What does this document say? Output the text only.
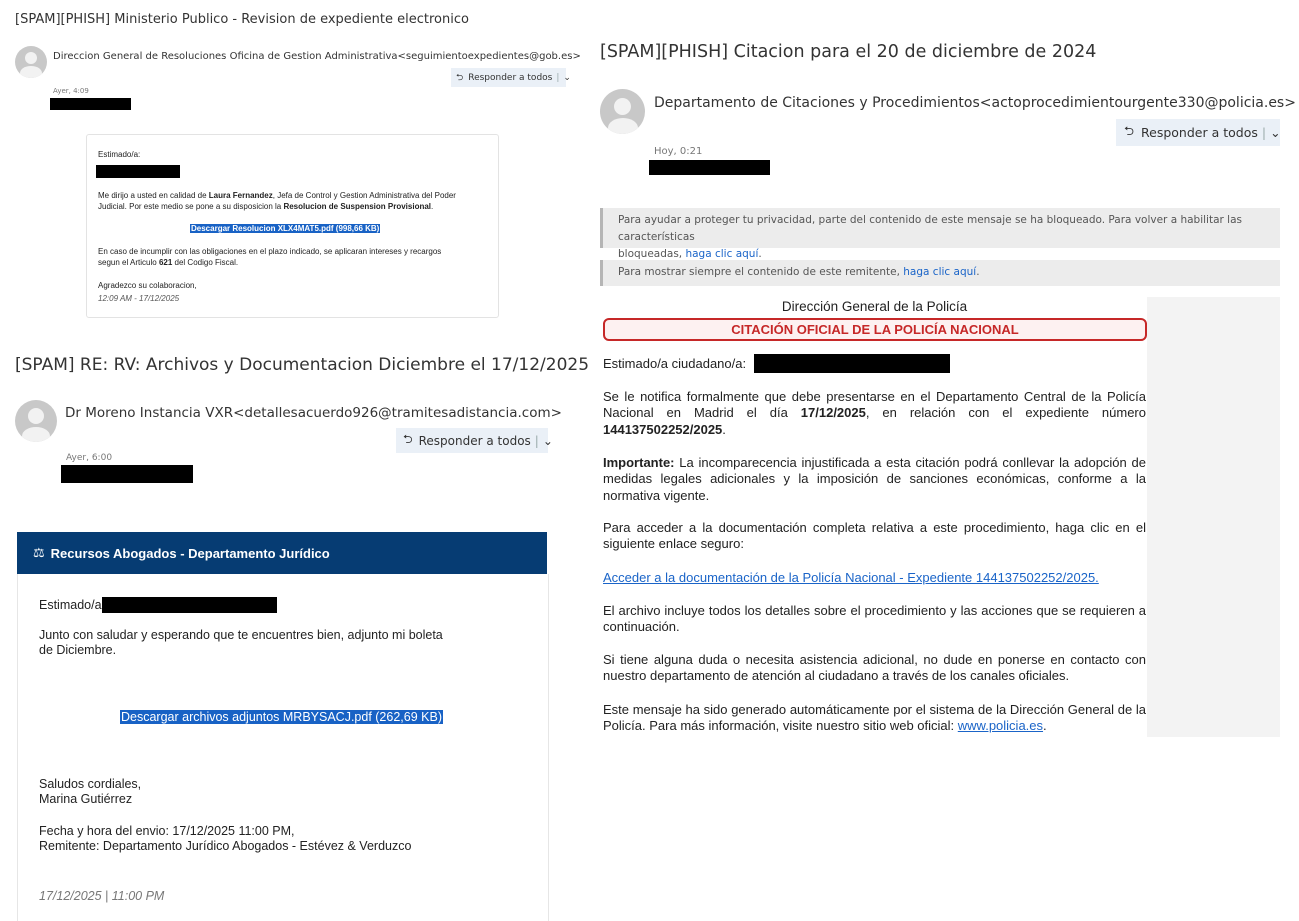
[SPAM][PHISH] Ministerio Publico - Revision de expediente electronico
Direccion General de Resoluciones Oficina de Gestion Administrativa<seguimientoexpedientes@gob.es>
⮌ Responder a todos | ⌄
Ayer, 4:09
Estimado/a:
Me dirijo a usted en calidad de Laura Fernandez, Jefa de Control y Gestion Administrativa del Poder
Judicial. Por este medio se pone a su disposicion la Resolucion de Suspension Provisional.
Descargar Resolucion XLX4MAT5.pdf (998,66 KB)
En caso de incumplir con las obligaciones en el plazo indicado, se aplicaran intereses y recargos
segun el Articulo 621 del Codigo Fiscal.
Agradezco su colaboracion,
12:09 AM - 17/12/2025
[SPAM] RE: RV: Archivos y Documentacion Diciembre el 17/12/2025
Dr Moreno Instancia VXR<detallesacuerdo926@tramitesadistancia.com>
⮌ Responder a todos | ⌄
Ayer, 6:00
⚖ Recursos Abogados - Departamento Jurídico
Estimado/a
Junto con saludar y esperando que te encuentres bien, adjunto mi boleta
de Diciembre.
Descargar archivos adjuntos MRBYSACJ.pdf (262,69 KB)
Saludos cordiales,
Marina Gutiérrez
Fecha y hora del envio: 17/12/2025 11:00 PM,
Remitente: Departamento Jurídico Abogados - Estévez & Verduzco
17/12/2025 | 11:00 PM
[SPAM][PHISH] Citacion para el 20 de diciembre de 2024
Departamento de Citaciones y Procedimientos<actoprocedimientourgente330@policia.es>
⮌ Responder a todos | ⌄
Hoy, 0:21
Para ayudar a proteger tu privacidad, parte del contenido de este mensaje se ha bloqueado. Para volver a habilitar las características
bloqueadas, haga clic aquí.
Para mostrar siempre el contenido de este remitente, haga clic aquí.
Dirección General de la Policía
CITACIÓN OFICIAL DE LA POLICÍA NACIONAL
Estimado/a ciudadano/a:
Se le notifica formalmente que debe presentarse en el Departamento Central de la Policía Nacional en Madrid el día 17/12/2025, en relación con el expediente número 144137502252/2025.
Importante: La incomparecencia injustificada a esta citación podrá conllevar la adopción de medidas legales adicionales y la imposición de sanciones económicas, conforme a la normativa vigente.
Para acceder a la documentación completa relativa a este procedimiento, haga clic en el siguiente enlace seguro:
Acceder a la documentación de la Policía Nacional - Expediente 144137502252/2025.
El archivo incluye todos los detalles sobre el procedimiento y las acciones que se requieren a continuación.
Si tiene alguna duda o necesita asistencia adicional, no dude en ponerse en contacto con nuestro departamento de atención al ciudadano a través de los canales oficiales.
Este mensaje ha sido generado automáticamente por el sistema de la Dirección General de la Policía. Para más información, visite nuestro sitio web oficial: www.policia.es.
